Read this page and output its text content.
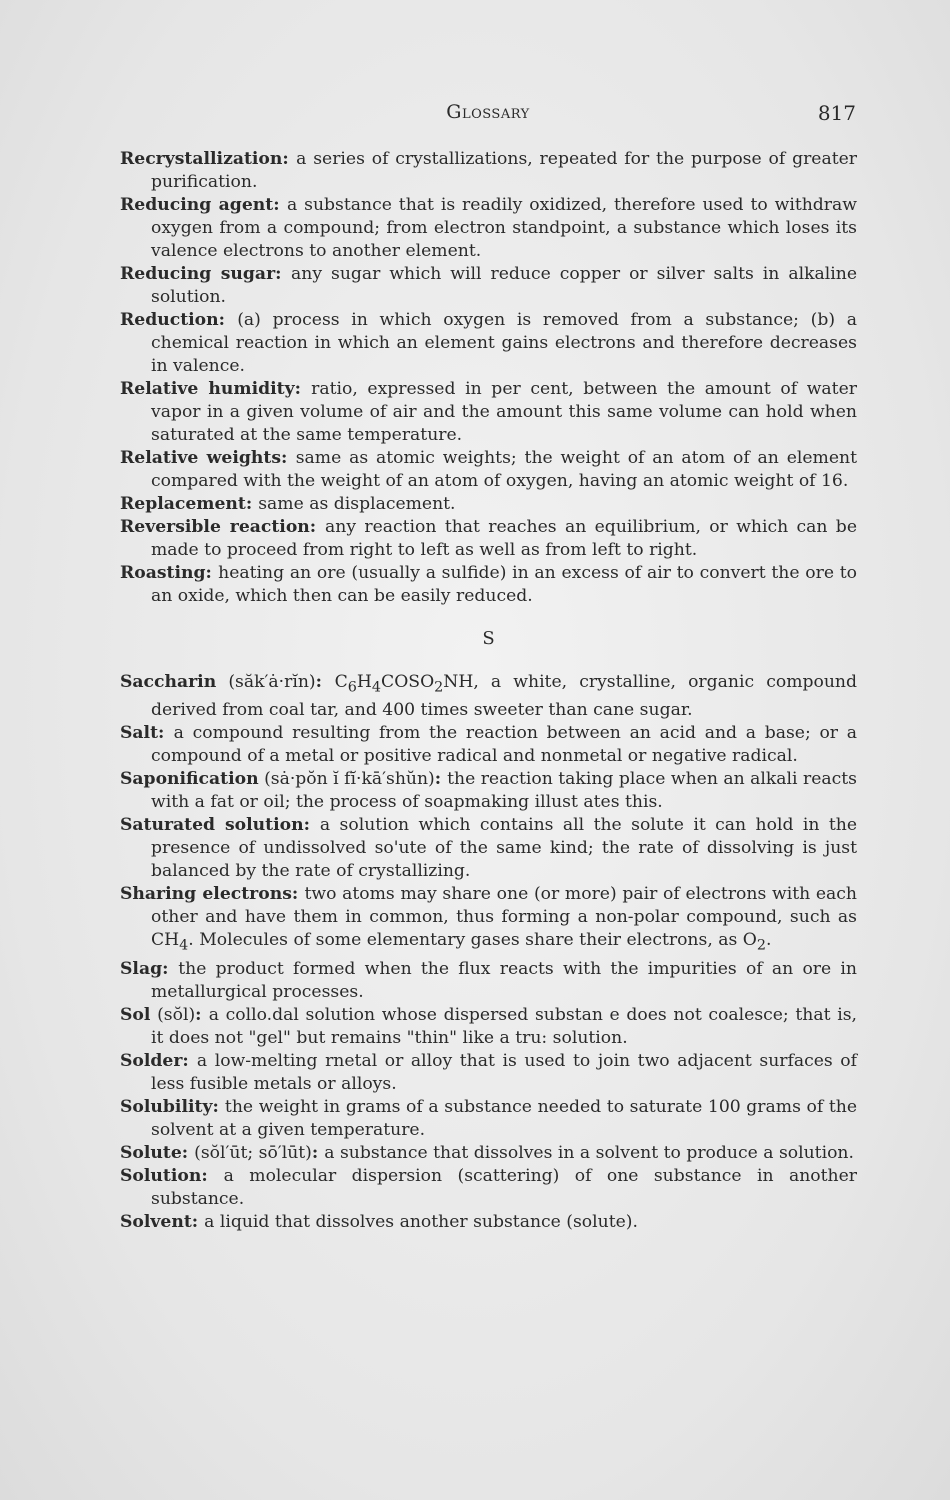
Glossary	817

Recrystallization: a series of crystallizations, repeated for the purpose of greater purification.

Reducing agent: a substance that is readily oxidized, therefore used to withdraw oxygen from a compound; from electron standpoint, a substance which loses its valence electrons to another element.

Reducing sugar: any sugar which will reduce copper or silver salts in alkaline solution.

Reduction: (a) process in which oxygen is removed from a substance; (b) a chemical reaction in which an element gains electrons and therefore decreases in valence.

Relative humidity: ratio, expressed in per cent, between the amount of water vapor in a given volume of air and the amount this same volume can hold when saturated at the same temperature.

Relative weights: same as atomic weights; the weight of an atom of an element compared with the weight of an atom of oxygen, having an atomic weight of 16.

Replacement: same as displacement.

Reversible reaction: any reaction that reaches an equilibrium, or which can be made to proceed from right to left as well as from left to right.

Roasting: heating an ore (usually a sulfide) in an excess of air to convert the ore to an oxide, which then can be easily reduced.

S

Saccharin (săk′ȧ·rĭn): $C_6H_4COSO_2NH$, a white, crystalline, organic compound derived from coal tar, and 400 times sweeter than cane sugar.

Salt: a compound resulting from the reaction between an acid and a base; or a compound of a metal or positive radical and nonmetal or negative radical.

Saponification (sȧ·pŏn ĭ fĭ·kā′shŭn): the reaction taking place when an alkali reacts with a fat or oil; the process of soapmaking illust ates this.

Saturated solution: a solution which contains all the solute it can hold in the presence of undissolved so'ute of the same kind; the rate of dissolving is just balanced by the rate of crystallizing.

Sharing electrons: two atoms may share one (or more) pair of electrons with each other and have them in common, thus forming a non-polar compound, such as $CH_4$. Molecules of some elementary gases share their electrons, as $O_2$.

Slag: the product formed when the flux reacts with the impurities of an ore in metallurgical processes.

Sol (sŏl): a collo.dal solution whose dispersed substan e does not coalesce; that is, it does not "gel" but remains "thin" like a tru: solution.

Solder: a low-melting rnetal or alloy that is used to join two adjacent surfaces of less fusible metals or alloys.

Solubility: the weight in grams of a substance needed to saturate 100 grams of the solvent at a given temperature.

Solute: (sŏl′ūt; sō′lūt): a substance that dissolves in a solvent to produce a solution.

Solution: a molecular dispersion (scattering) of one substance in another substance.

Solvent: a liquid that dissolves another substance (solute).
